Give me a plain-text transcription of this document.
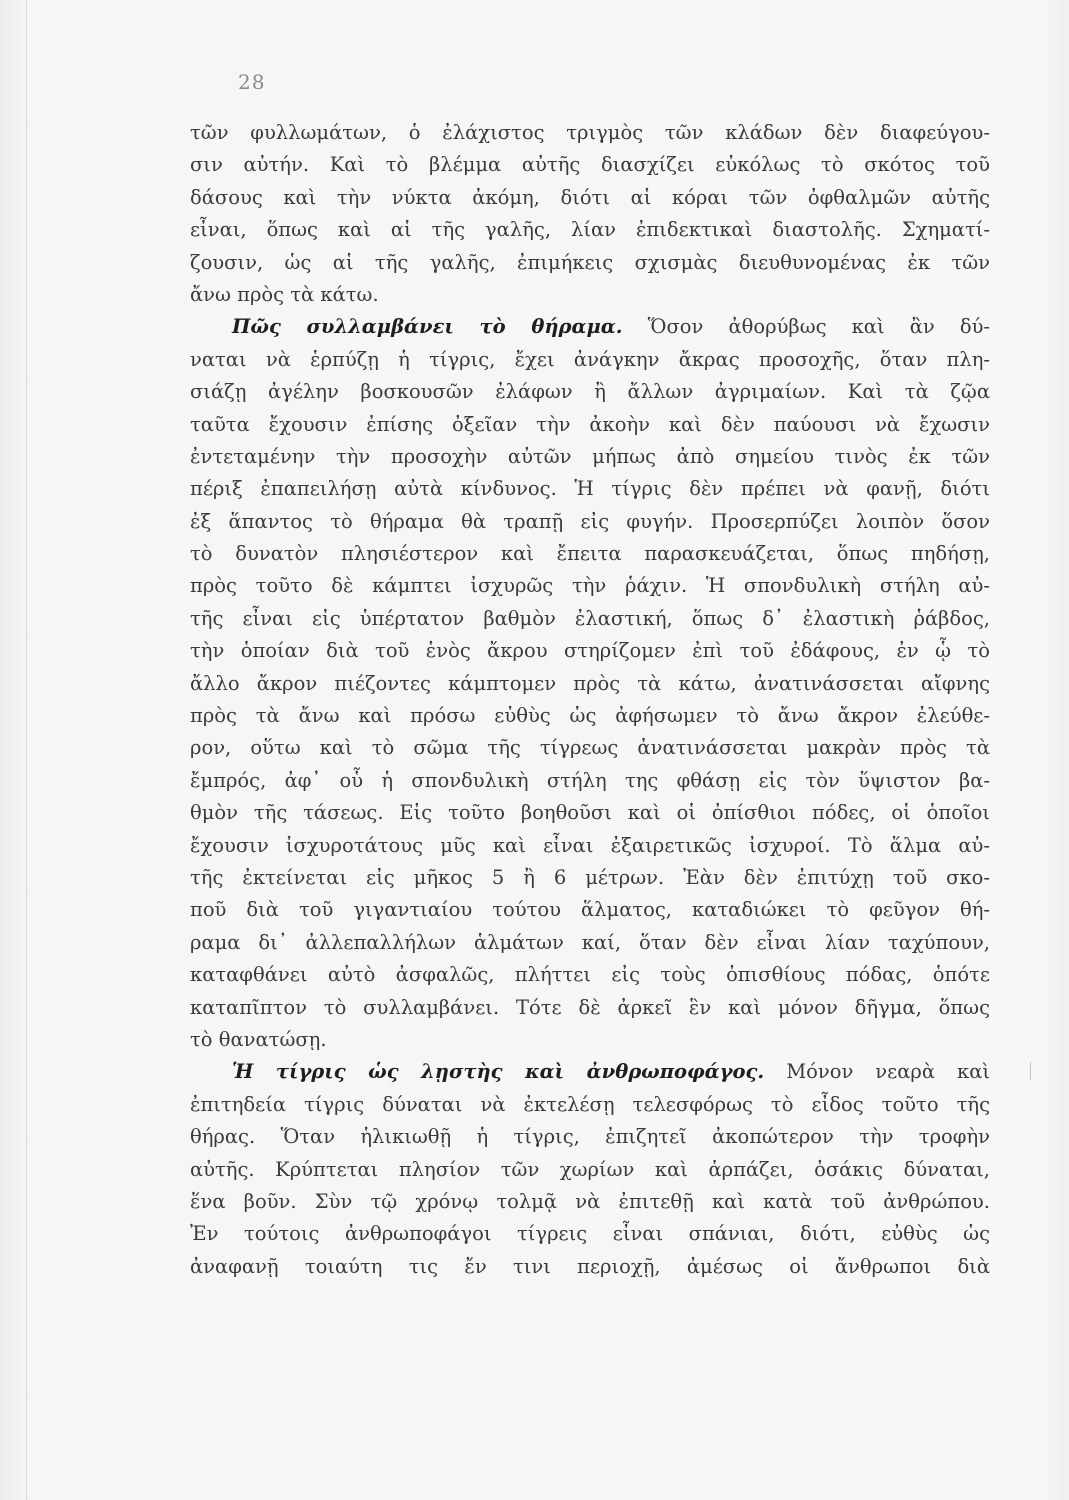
28
τῶν φυλλωμάτων, ὁ ἐλάχιστος τριγμὸς τῶν κλάδων δὲν διαφεύγου-
σιν αὐτήν. Καὶ τὸ βλέμμα αὐτῆς διασχίζει εὐκόλως τὸ σκότος τοῦ
δάσους καὶ τὴν νύκτα ἀκόμη, διότι αἱ κόραι τῶν ὀφθαλμῶν αὐτῆς
εἶναι, ὅπως καὶ αἱ τῆς γαλῆς, λίαν ἐπιδεκτικαὶ διαστολῆς. Σχηματί-
ζουσιν, ὡς αἱ τῆς γαλῆς, ἐπιμήκεις σχισμὰς διευθυνομένας ἐκ τῶν
ἄνω πρὸς τὰ κάτω.
Πῶς συλλαμβάνει τὸ θήραμα. Ὅσον ἀθορύβως καὶ ἂν δύ-
ναται νὰ ἑρπύζῃ ἡ τίγρις, ἔχει ἀνάγκην ἄκρας προσοχῆς, ὅταν πλη-
σιάζῃ ἀγέλην βοσκουσῶν ἐλάφων ἢ ἄλλων ἀγριμαίων. Καὶ τὰ ζῷα
ταῦτα ἔχουσιν ἐπίσης ὀξεῖαν τὴν ἀκοὴν καὶ δὲν παύουσι νὰ ἔχωσιν
ἐντεταμένην τὴν προσοχὴν αὐτῶν μήπως ἀπὸ σημείου τινὸς ἐκ τῶν
πέριξ ἐπαπειλήσῃ αὐτὰ κίνδυνος. Ἡ τίγρις δὲν πρέπει νὰ φανῇ, διότι
ἐξ ἅπαντος τὸ θήραμα θὰ τραπῇ εἰς φυγήν. Προσερπύζει λοιπὸν ὅσον
τὸ δυνατὸν πλησιέστερον καὶ ἔπειτα παρασκευάζεται, ὅπως πηδήσῃ,
πρὸς τοῦτο δὲ κάμπτει ἰσχυρῶς τὴν ῥάχιν. Ἡ σπονδυλικὴ στήλη αὐ-
τῆς εἶναι εἰς ὑπέρτατον βαθμὸν ἐλαστική, ὅπως δ᾽ ἐλαστικὴ ῥάβδος,
τὴν ὁποίαν διὰ τοῦ ἑνὸς ἄκρου στηρίζομεν ἐπὶ τοῦ ἐδάφους, ἐν ᾧ τὸ
ἄλλο ἄκρον πιέζοντες κάμπτομεν πρὸς τὰ κάτω, ἀνατινάσσεται αἴφνης
πρὸς τὰ ἄνω καὶ πρόσω εὐθὺς ὡς ἀφήσωμεν τὸ ἄνω ἄκρον ἐλεύθε-
ρον, οὕτω καὶ τὸ σῶμα τῆς τίγρεως ἀνατινάσσεται μακρὰν πρὸς τὰ
ἔμπρός, ἀφ᾽ οὗ ἡ σπονδυλικὴ στήλη της φθάσῃ εἰς τὸν ὕψιστον βα-
θμὸν τῆς τάσεως. Εἰς τοῦτο βοηθοῦσι καὶ οἱ ὀπίσθιοι πόδες, οἱ ὁποῖοι
ἔχουσιν ἰσχυροτάτους μῦς καὶ εἶναι ἐξαιρετικῶς ἰσχυροί. Τὸ ἅλμα αὐ-
τῆς ἐκτείνεται εἰς μῆκος 5 ἢ 6 μέτρων. Ἐὰν δὲν ἐπιτύχῃ τοῦ σκο-
ποῦ διὰ τοῦ γιγαντιαίου τούτου ἅλματος, καταδιώκει τὸ φεῦγον θή-
ραμα δι᾽ ἀλλεπαλλήλων ἁλμάτων καί, ὅταν δὲν εἶναι λίαν ταχύπουν,
καταφθάνει αὐτὸ ἀσφαλῶς, πλήττει εἰς τοὺς ὀπισθίους πόδας, ὁπότε
καταπῖπτον τὸ συλλαμβάνει. Τότε δὲ ἀρκεῖ ἓν καὶ μόνον δῆγμα, ὅπως
τὸ θανατώσῃ.
Ἡ τίγρις ὡς λῃστὴς καὶ ἀνθρωποφάγος. Μόνον νεαρὰ καὶ
ἐπιτηδεία τίγρις δύναται νὰ ἐκτελέσῃ τελεσφόρως τὸ εἶδος τοῦτο τῆς
θήρας. Ὅταν ἡλικιωθῇ ἡ τίγρις, ἐπιζητεῖ ἀκοπώτερον τὴν τροφὴν
αὐτῆς. Κρύπτεται πλησίον τῶν χωρίων καὶ ἁρπάζει, ὁσάκις δύναται,
ἕνα βοῦν. Σὺν τῷ χρόνῳ τολμᾷ νὰ ἐπιτεθῇ καὶ κατὰ τοῦ ἀνθρώπου.
Ἐν τούτοις ἀνθρωποφάγοι τίγρεις εἶναι σπάνιαι, διότι, εὐθὺς ὡς
ἀναφανῇ τοιαύτη τις ἔν τινι περιοχῇ, ἀμέσως οἱ ἄνθρωποι διὰ
